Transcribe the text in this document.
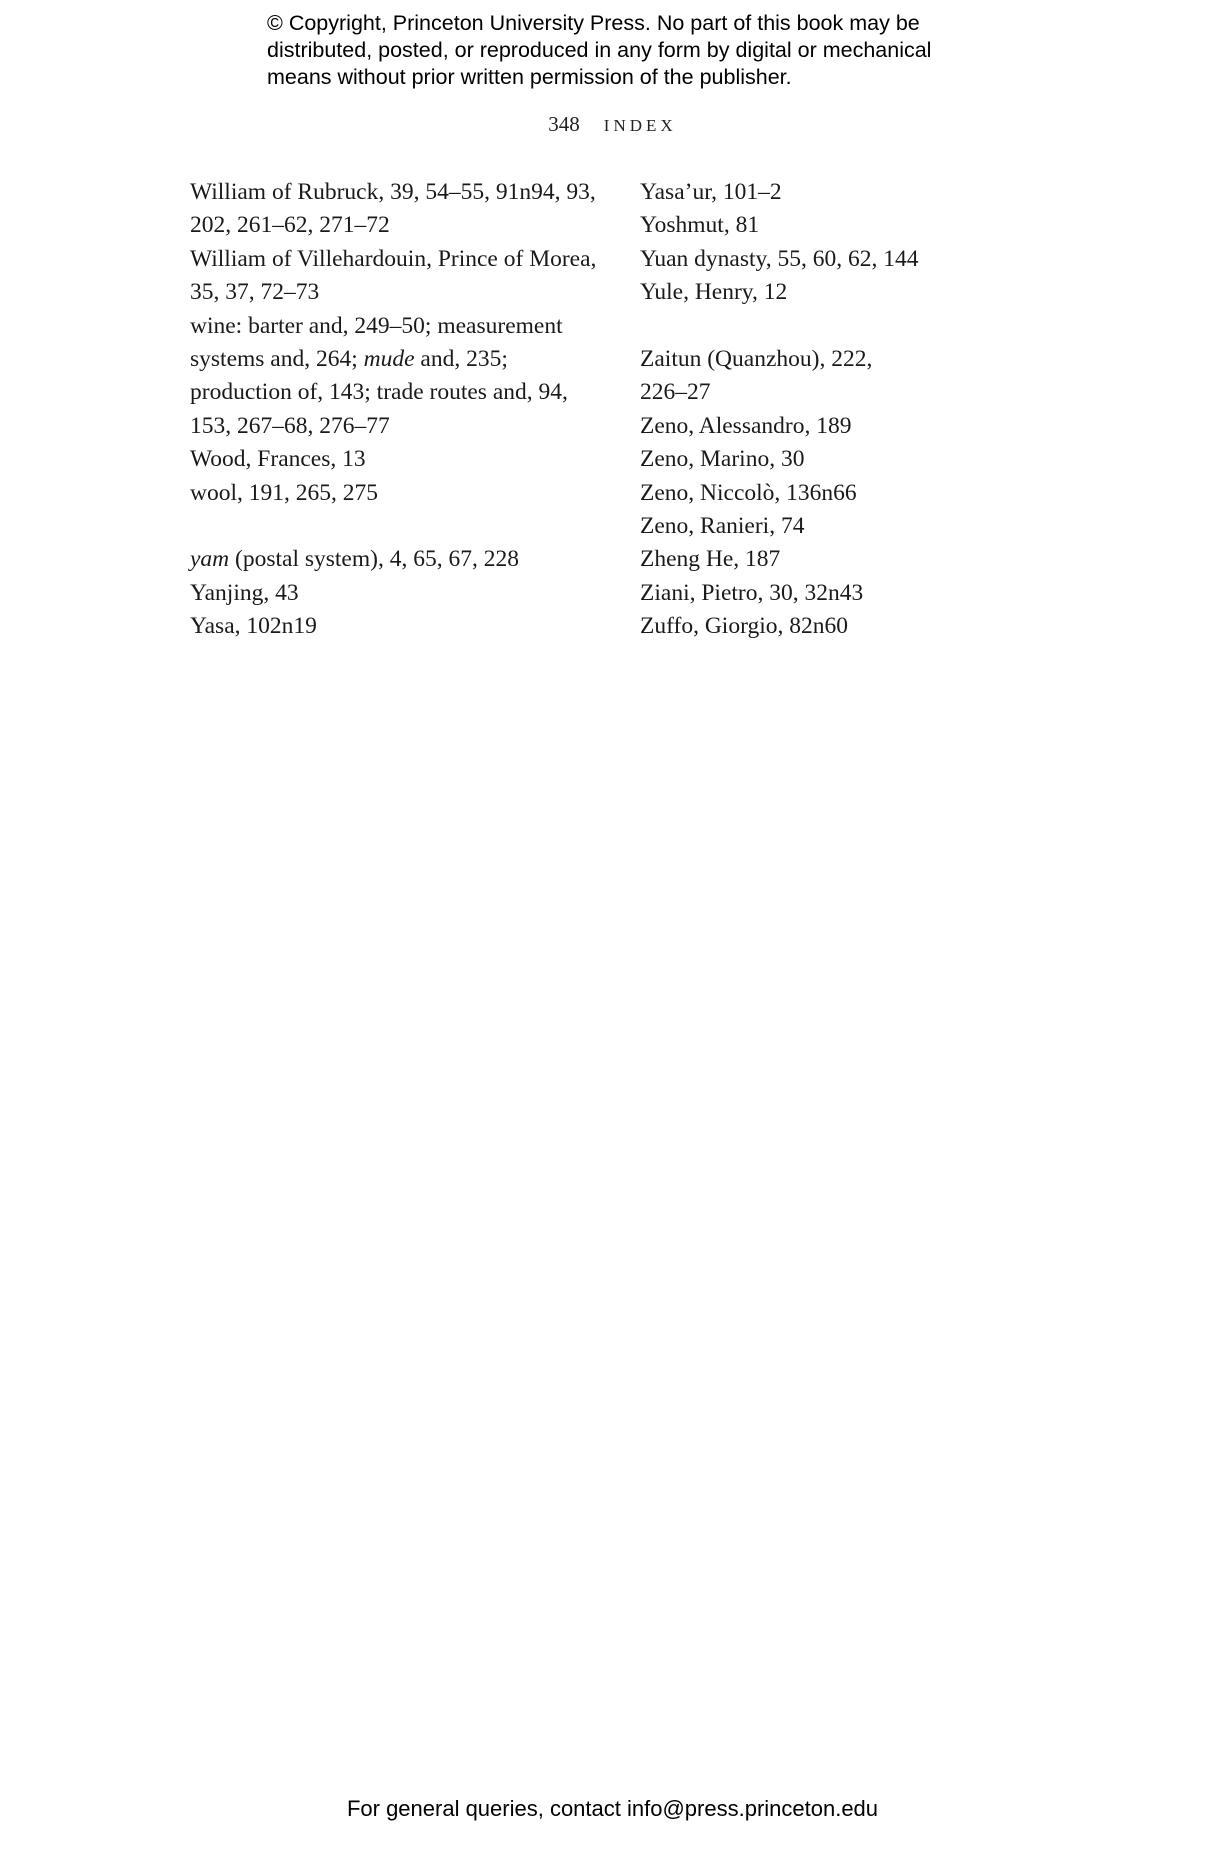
© Copyright, Princeton University Press. No part of this book may be
distributed, posted, or reproduced in any form by digital or mechanical
means without prior written permission of the publisher.
348 INDEX
William of Rubruck, 39, 54–55, 91n94, 93,
202, 261–62, 271–72
William of Villehardouin, Prince of Morea,
35, 37, 72–73
wine: barter and, 249–50; measurement
systems and, 264; mude and, 235;
production of, 143; trade routes and, 94,
153, 267–68, 276–77
Wood, Frances, 13
wool, 191, 265, 275
yam (postal system), 4, 65, 67, 228
Yanjing, 43
Yasa, 102n19
Yasa’ur, 101–2
Yoshmut, 81
Yuan dynasty, 55, 60, 62, 144
Yule, Henry, 12
Zaitun (Quanzhou), 222,
226–27
Zeno, Alessandro, 189
Zeno, Marino, 30
Zeno, Niccolò, 136n66
Zeno, Ranieri, 74
Zheng He, 187
Ziani, Pietro, 30, 32n43
Zuffo, Giorgio, 82n60
For general queries, contact info@press.princeton.edu
